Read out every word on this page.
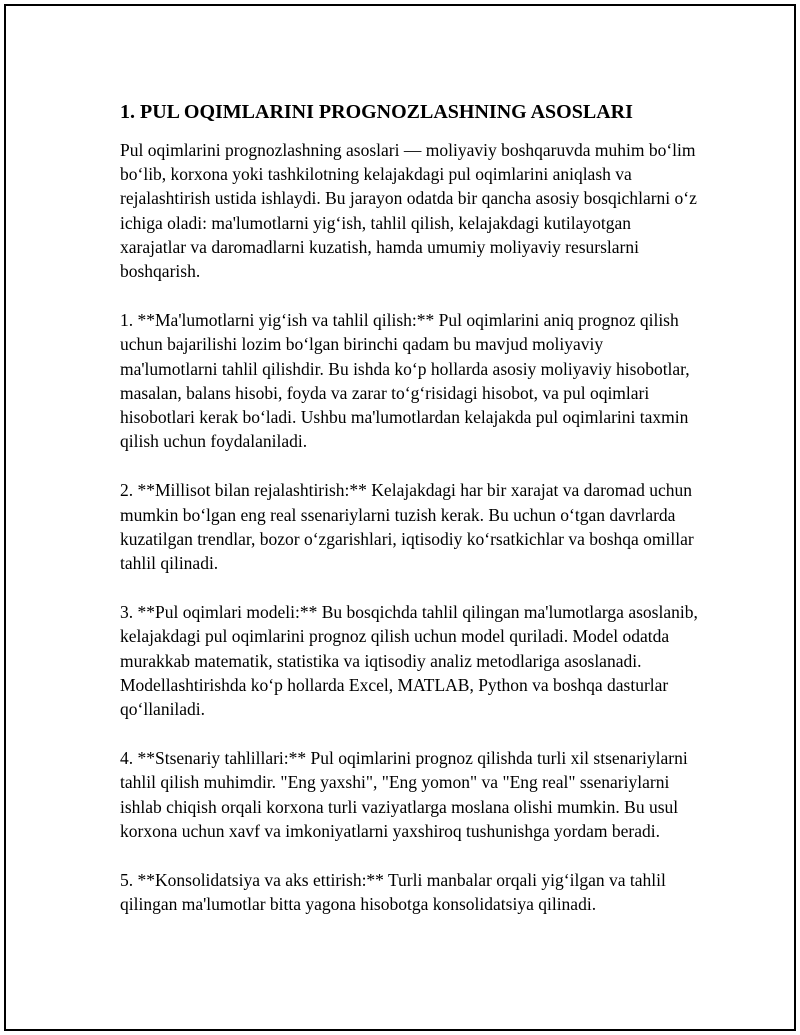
1. PUL OQIMLARINI PROGNOZLASHNING ASOSLARI

Pul oqimlarini prognozlashning asoslari — moliyaviy boshqaruvda muhim bo‘lim bo‘lib, korxona yoki tashkilotning kelajakdagi pul oqimlarini aniqlash va rejalashtirish ustida ishlaydi. Bu jarayon odatda bir qancha asosiy bosqichlarni o‘z ichiga oladi: ma'lumotlarni yig‘ish, tahlil qilish, kelajakdagi kutilayotgan xarajatlar va daromadlarni kuzatish, hamda umumiy moliyaviy resurslarni boshqarish.

1. **Ma'lumotlarni yig‘ish va tahlil qilish:** Pul oqimlarini aniq prognoz qilish uchun bajarilishi lozim bo‘lgan birinchi qadam bu mavjud moliyaviy ma'lumotlarni tahlil qilishdir. Bu ishda ko‘p hollarda asosiy moliyaviy hisobotlar, masalan, balans hisobi, foyda va zarar to‘g‘risidagi hisobot, va pul oqimlari hisobotlari kerak bo‘ladi. Ushbu ma'lumotlardan kelajakda pul oqimlarini taxmin qilish uchun foydalaniladi.

2. **Millisot bilan rejalashtirish:** Kelajakdagi har bir xarajat va daromad uchun mumkin bo‘lgan eng real ssenariylarni tuzish kerak. Bu uchun o‘tgan davrlarda kuzatilgan trendlar, bozor o‘zgarishlari, iqtisodiy ko‘rsatkichlar va boshqa omillar tahlil qilinadi.

3. **Pul oqimlari modeli:** Bu bosqichda tahlil qilingan ma'lumotlarga asoslanib, kelajakdagi pul oqimlarini prognoz qilish uchun model quriladi. Model odatda murakkab matematik, statistika va iqtisodiy analiz metodlariga asoslanadi. Modellashtirishda ko‘p hollarda Excel, MATLAB, Python va boshqa dasturlar qo‘llaniladi.

4. **Stsenariy tahlillari:** Pul oqimlarini prognoz qilishda turli xil stsenariylarni tahlil qilish muhimdir. "Eng yaxshi", "Eng yomon" va "Eng real" ssenariylarni ishlab chiqish orqali korxona turli vaziyatlarga moslana olishi mumkin. Bu usul korxona uchun xavf va imkoniyatlarni yaxshiroq tushunishga yordam beradi.

5. **Konsolidatsiya va aks ettirish:** Turli manbalar orqali yig‘ilgan va tahlil qilingan ma'lumotlar bitta yagona hisobotga konsolidatsiya qilinadi.
